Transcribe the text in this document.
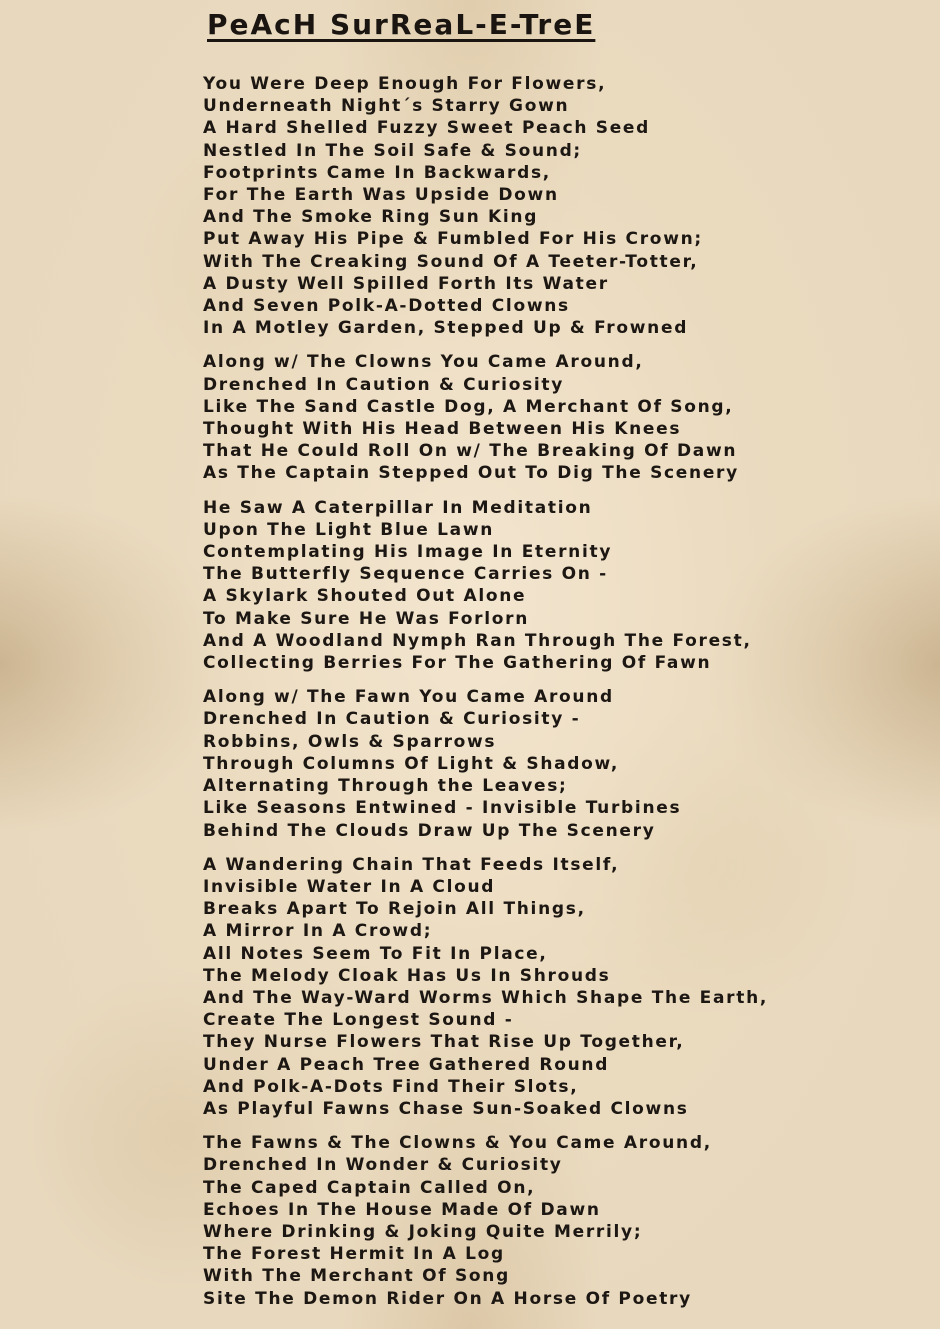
PeAcH SurReaL-E-TreE
You Were Deep Enough For Flowers,
Underneath Night´s Starry Gown
A Hard Shelled Fuzzy Sweet Peach Seed
Nestled In The Soil Safe & Sound;
Footprints Came In Backwards,
For The Earth Was Upside Down
And The Smoke Ring Sun King
Put Away His Pipe & Fumbled For His Crown;
With The Creaking Sound Of A Teeter-Totter,
A Dusty Well Spilled Forth Its Water
And Seven Polk-A-Dotted Clowns
In A Motley Garden, Stepped Up & Frowned
Along w/ The Clowns You Came Around,
Drenched In Caution & Curiosity
Like The Sand Castle Dog, A Merchant Of Song,
Thought With His Head Between His Knees
That He Could Roll On w/ The Breaking Of Dawn
As The Captain Stepped Out To Dig The Scenery
He Saw A Caterpillar In Meditation
Upon The Light Blue Lawn
Contemplating His Image In Eternity
The Butterfly Sequence Carries On -
A Skylark Shouted Out Alone
To Make Sure He Was Forlorn
And A Woodland Nymph Ran Through The Forest,
Collecting Berries For The Gathering Of Fawn
Along w/ The Fawn You Came Around
Drenched In Caution & Curiosity -
Robbins, Owls & Sparrows
Through Columns Of Light & Shadow,
Alternating Through the Leaves;
Like Seasons Entwined - Invisible Turbines
Behind The Clouds Draw Up The Scenery
A Wandering Chain That Feeds Itself,
Invisible Water In A Cloud
Breaks Apart To Rejoin All Things,
A Mirror In A Crowd;
All Notes Seem To Fit In Place,
The Melody Cloak Has Us In Shrouds
And The Way-Ward Worms Which Shape The Earth,
Create The Longest Sound -
They Nurse Flowers That Rise Up Together,
Under A Peach Tree Gathered Round
And Polk-A-Dots Find Their Slots,
As Playful Fawns Chase Sun-Soaked Clowns
The Fawns & The Clowns & You Came Around,
Drenched In Wonder & Curiosity
The Caped Captain Called On,
Echoes In The House Made Of Dawn
Where Drinking & Joking Quite Merrily;
The Forest Hermit In A Log
With The Merchant Of Song
Site The Demon Rider On A Horse Of Poetry
